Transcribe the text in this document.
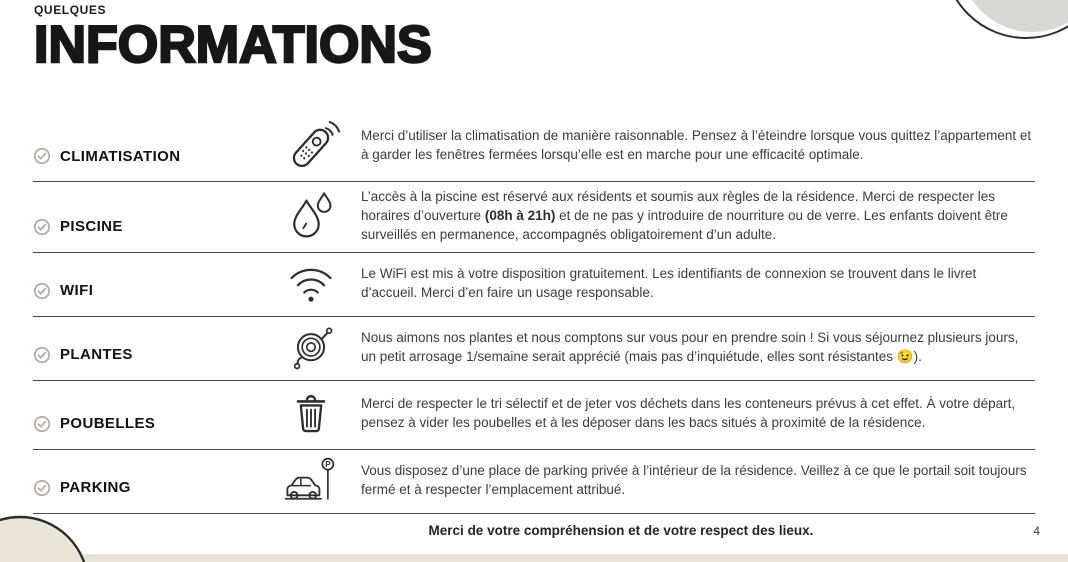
QUELQUES
INFORMATIONS
CLIMATISATION
Merci d’utiliser la climatisation de manière raisonnable. Pensez à l’éteindre lorsque vous quittez l’appartement et à garder les fenêtres fermées lorsqu’elle est en marche pour une efficacité optimale.
PISCINE
L’accès à la piscine est réservé aux résidents et soumis aux règles de la résidence. Merci de respecter les horaires d’ouverture (08h à 21h) et de ne pas y introduire de nourriture ou de verre. Les enfants doivent être surveillés en permanence, accompagnés obligatoirement d’un adulte.
WIFI
Le WiFi est mis à votre disposition gratuitement. Les identifiants de connexion se trouvent dans le livret d’accueil. Merci d’en faire un usage responsable.
PLANTES
Nous aimons nos plantes et nous comptons sur vous pour en prendre soin ! Si vous séjournez plusieurs jours, un petit arrosage 1/semaine serait apprécié (mais pas d’inquiétude, elles sont résistantes 😉).
POUBELLES
Merci de respecter le tri sélectif et de jeter vos déchets dans les conteneurs prévus à cet effet. À votre départ, pensez à vider les poubelles et à les déposer dans les bacs situés à proximité de la résidence.
PARKING
P Vous disposez d’une place de parking privée à l’intérieur de la résidence. Veillez à ce que le portail soit toujours fermé et à respecter l’emplacement attribué.
Merci de votre compréhension et de votre respect des lieux.	4
